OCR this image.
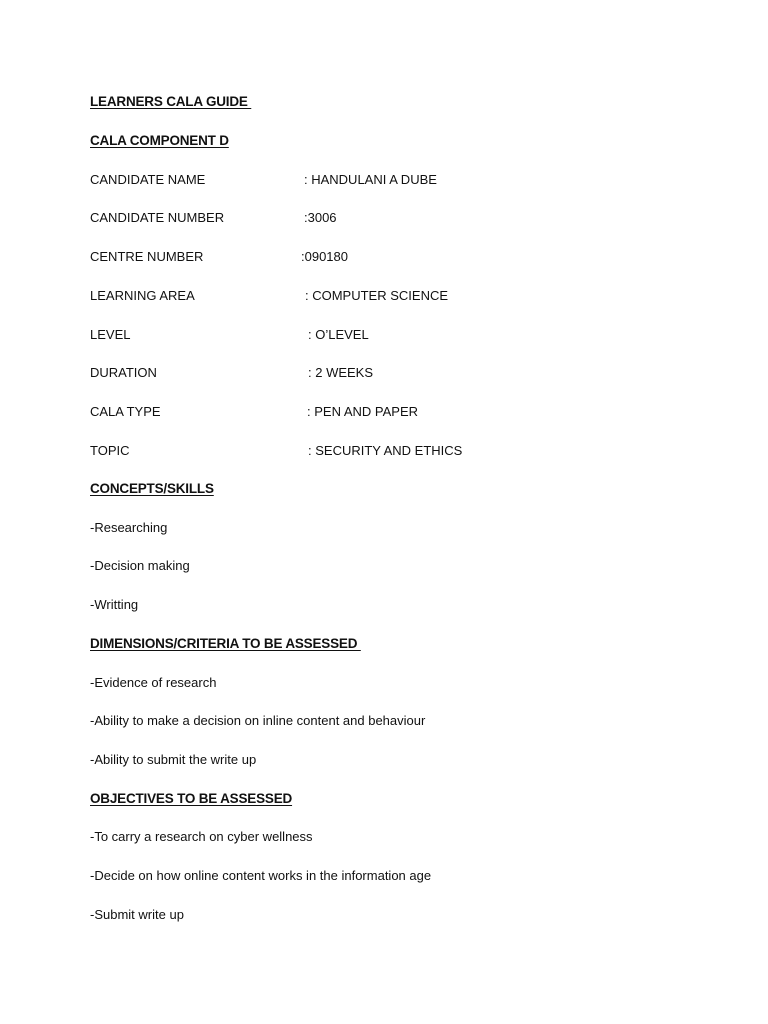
LEARNERS CALA GUIDE
CALA COMPONENT D
CANDIDATE NAME	: HANDULANI A DUBE
CANDIDATE NUMBER	:3006
CENTRE NUMBER	:090180
LEARNING AREA	: COMPUTER SCIENCE
LEVEL	: O’LEVEL
DURATION	: 2 WEEKS
CALA TYPE	: PEN AND PAPER
TOPIC	: SECURITY AND ETHICS
CONCEPTS/SKILLS
-Researching
-Decision making
-Writting
DIMENSIONS/CRITERIA TO BE ASSESSED
-Evidence of research
-Ability to make a decision on inline content and behaviour
-Ability to submit the write up
OBJECTIVES TO BE ASSESSED
-To carry a research on cyber wellness
-Decide on how online content works in the information age
-Submit write up
